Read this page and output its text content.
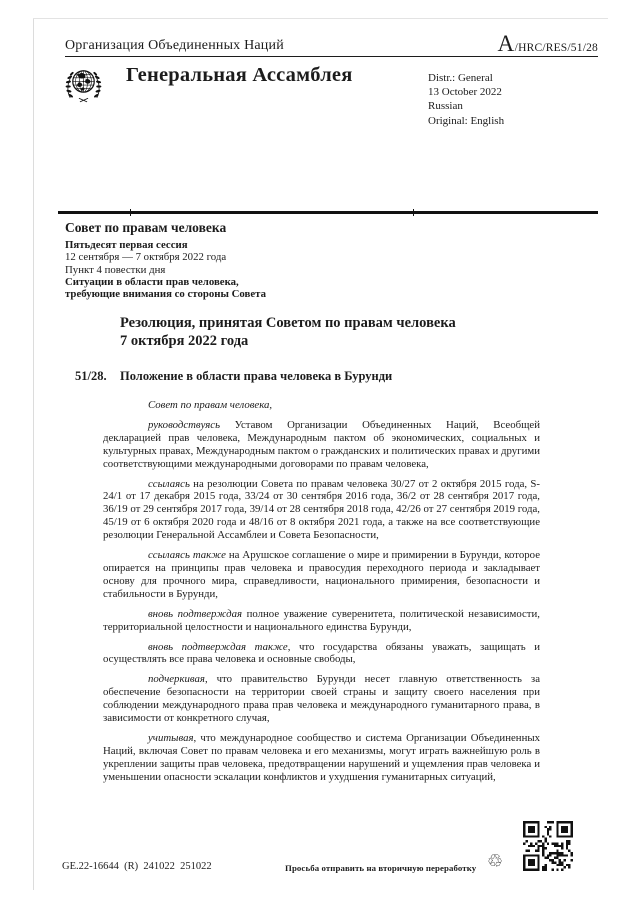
Организация Объединенных Наций	A /HRC/RES/51/28
Генеральная Ассамблея	Distr.: General
13 October 2022
Russian
Original: English
Совет по правам человека
Пятьдесят первая сессия
12 сентября — 7 октября 2022 года
Пункт 4 повестки дня
Ситуации в области прав человека,
требующие внимания со стороны Совета
Резолюция, принятая Советом по правам человека
7 октября 2022 года
51/28.	Положение в области права человека в Бурунди

Совет по правам человека,

руководствуясь Уставом Организации Объединенных Наций, Всеобщей декларацией прав человека, Международным пактом об экономических, социальных и культурных правах, Международным пактом о гражданских и политических правах и другими соответствующими международными договорами по правам человека,

ссылаясь на резолюции Совета по правам человека 30/27 от 2 октября 2015 года, S-24/1 от 17 декабря 2015 года, 33/24 от 30 сентября 2016 года, 36/2 от 28 сентября 2017 года, 36/19 от 29 сентября 2017 года, 39/14 от 28 сентября 2018 года, 42/26 от 27 сентября 2019 года, 45/19 от 6 октября 2020 года и 48/16 от 8 октября 2021 года, а также на все соответствующие резолюции Генеральной Ассамблеи и Совета Безопасности,

ссылаясь также на Арушское соглашение о мире и примирении в Бурунди, которое опирается на принципы прав человека и правосудия переходного периода и закладывает основу для прочного мира, справедливости, национального примирения, безопасности и стабильности в Бурунди,

вновь подтверждая полное уважение суверенитета, политической независимости, территориальной целостности и национального единства Бурунди,

вновь подтверждая также, что государства обязаны уважать, защищать и осуществлять все права человека и основные свободы,

подчеркивая, что правительство Бурунди несет главную ответственность за обеспечение безопасности на территории своей страны и защиту своего населения при соблюдении международного права прав человека и международного гуманитарного права, в зависимости от конкретного случая,

учитывая, что международное сообщество и система Организации Объединенных Наций, включая Совет по правам человека и его механизмы, могут играть важнейшую роль в укреплении защиты прав человека, предотвращении нарушений и ущемления прав человека и уменьшении опасности эскалации конфликтов и ухудшения гуманитарных ситуаций,

GE.22-16644  (R)  241022  251022	Просьба отправить на вторичную переработку ♲
